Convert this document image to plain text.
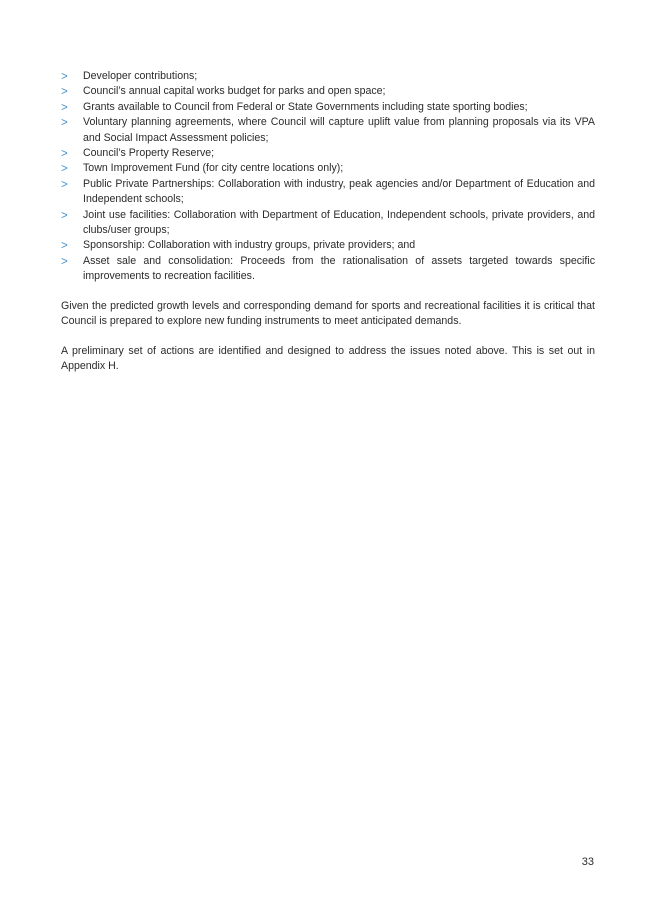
>	Developer contributions;
>	Council’s annual capital works budget for parks and open space;
>	Grants available to Council from Federal or State Governments including state sporting bodies;
>	Voluntary planning agreements, where Council will capture uplift value from planning proposals via its VPA and Social Impact Assessment policies;
>	Council’s Property Reserve;
>	Town Improvement Fund (for city centre locations only);
>	Public Private Partnerships: Collaboration with industry, peak agencies and/or Department of Education and Independent schools;
>	Joint use facilities: Collaboration with Department of Education, Independent schools, private providers, and clubs/user groups;
>	Sponsorship: Collaboration with industry groups, private providers; and
>	Asset sale and consolidation: Proceeds from the rationalisation of assets targeted towards specific improvements to recreation facilities.

Given the predicted growth levels and corresponding demand for sports and recreational facilities it is critical that Council is prepared to explore new funding instruments to meet anticipated demands.

A preliminary set of actions are identified and designed to address the issues noted above. This is set out in Appendix H.

33
